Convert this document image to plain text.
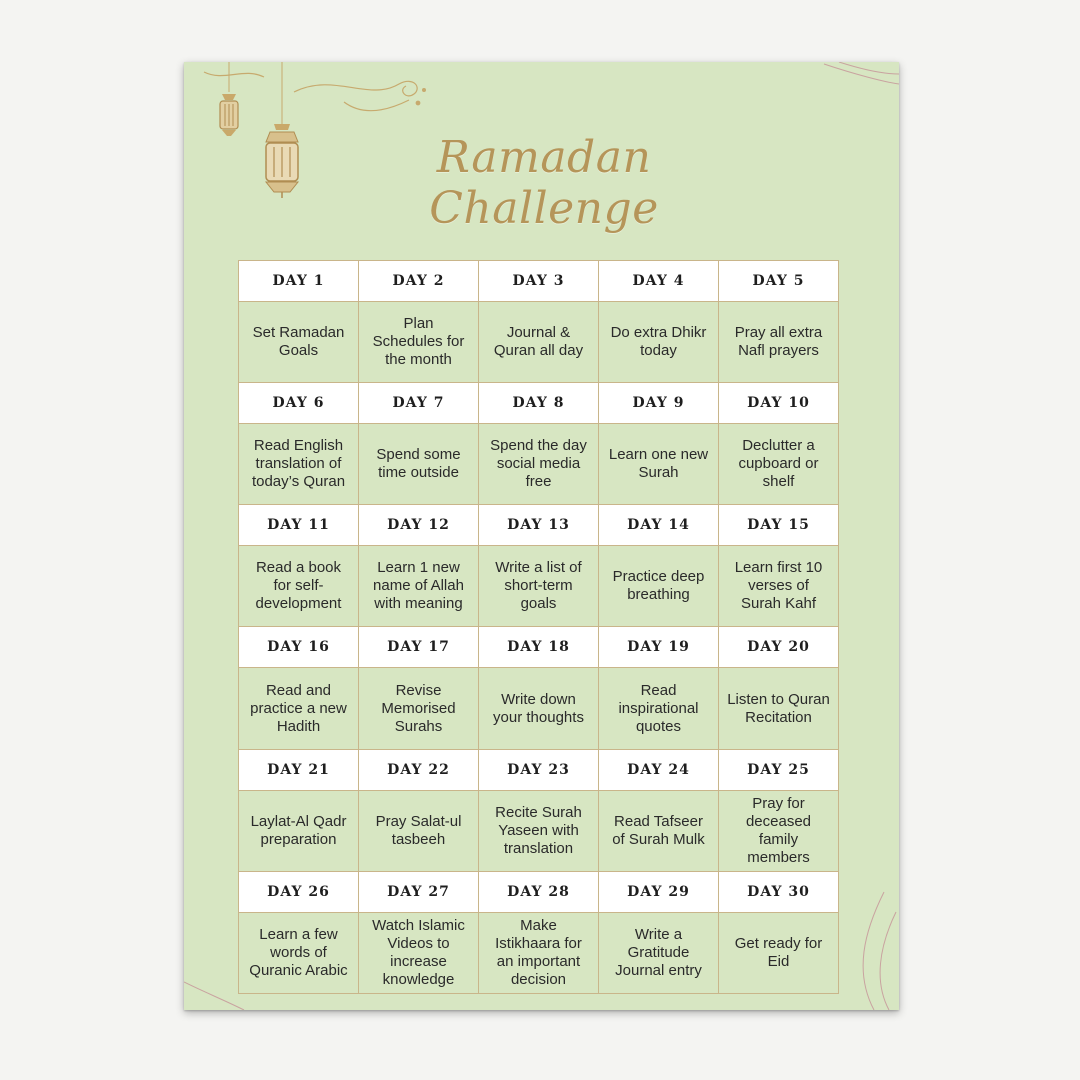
Ramadan Challenge
DAY 1
Set Ramadan Goals
DAY 2
Plan Schedules for the month
DAY 3
Journal & Quran all day
DAY 4
Do extra Dhikr today
DAY 5
Pray all extra Nafl prayers
DAY 6
Read English translation of today’s Quran
DAY 7
Spend some time outside
DAY 8
Spend the day social media free
DAY 9
Learn one new Surah
DAY 10
Declutter a cupboard or shelf
DAY 11
Read a book for self-development
DAY 12
Learn 1 new name of Allah with meaning
DAY 13
Write a list of short-term goals
DAY 14
Practice deep breathing
DAY 15
Learn first 10 verses of Surah Kahf
DAY 16
Read and practice a new Hadith
DAY 17
Revise Memorised Surahs
DAY 18
Write down your thoughts
DAY 19
Read inspirational quotes
DAY 20
Listen to Quran Recitation
DAY 21
Laylat-Al Qadr preparation
DAY 22
Pray Salat-ul tasbeeh
DAY 23
Recite Surah Yaseen with translation
DAY 24
Read Tafseer of Surah Mulk
DAY 25
Pray for deceased family members
DAY 26
Learn a few words of Quranic Arabic
DAY 27
Watch Islamic Videos to increase knowledge
DAY 28
Make Istikhaara for an important decision
DAY 29
Write a Gratitude Journal entry
DAY 30
Get ready for Eid
